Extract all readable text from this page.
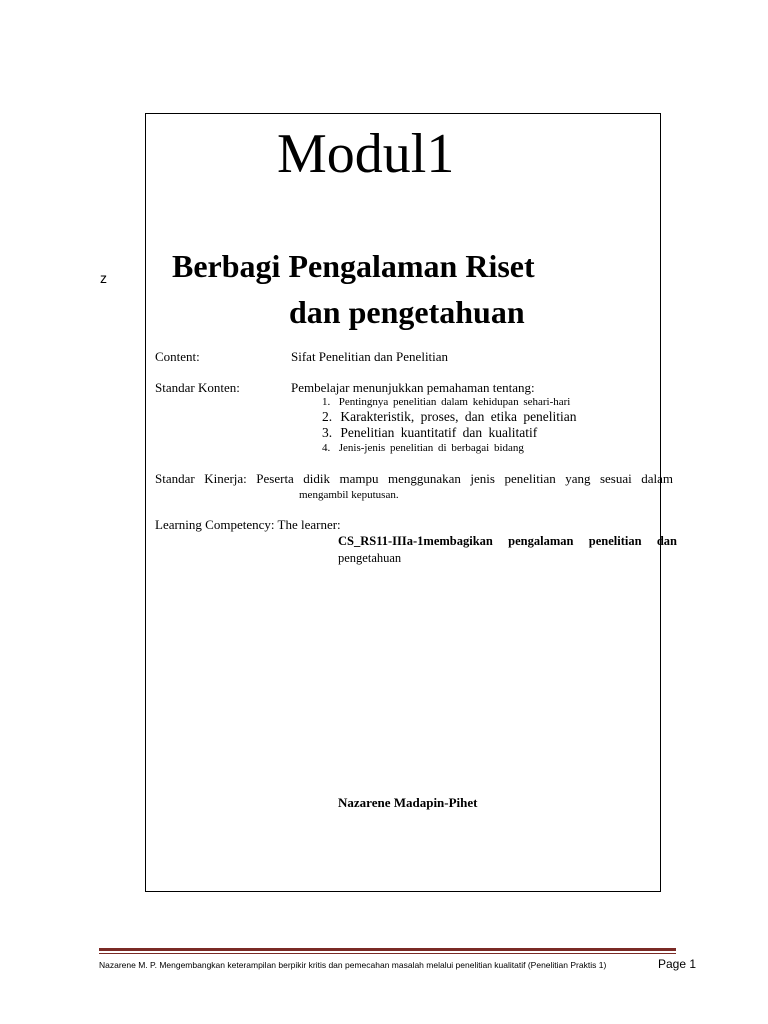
z
Modul1
Berbagi Pengalaman Riset
dan pengetahuan
Content:	Sifat Penelitian dan Penelitian
Standar Konten:	Pembelajar menunjukkan pemahaman tentang:
1. Pentingnya penelitian dalam kehidupan sehari-hari
2. Karakteristik, proses, dan etika penelitian
3. Penelitian kuantitatif dan kualitatif
4. Jenis-jenis penelitian di berbagai bidang
Standar Kinerja: Peserta didik mampu menggunakan jenis penelitian yang sesuai dalam
mengambil keputusan.
Learning Competency: The learner:
CS_RS11-IIIa-1membagikan pengalaman penelitian dan
pengetahuan
Nazarene Madapin-Pihet
Nazarene M. P. Mengembangkan keterampilan berpikir kritis dan pemecahan masalah melalui penelitian kualitatif (Penelitian Praktis 1)	Page 1
